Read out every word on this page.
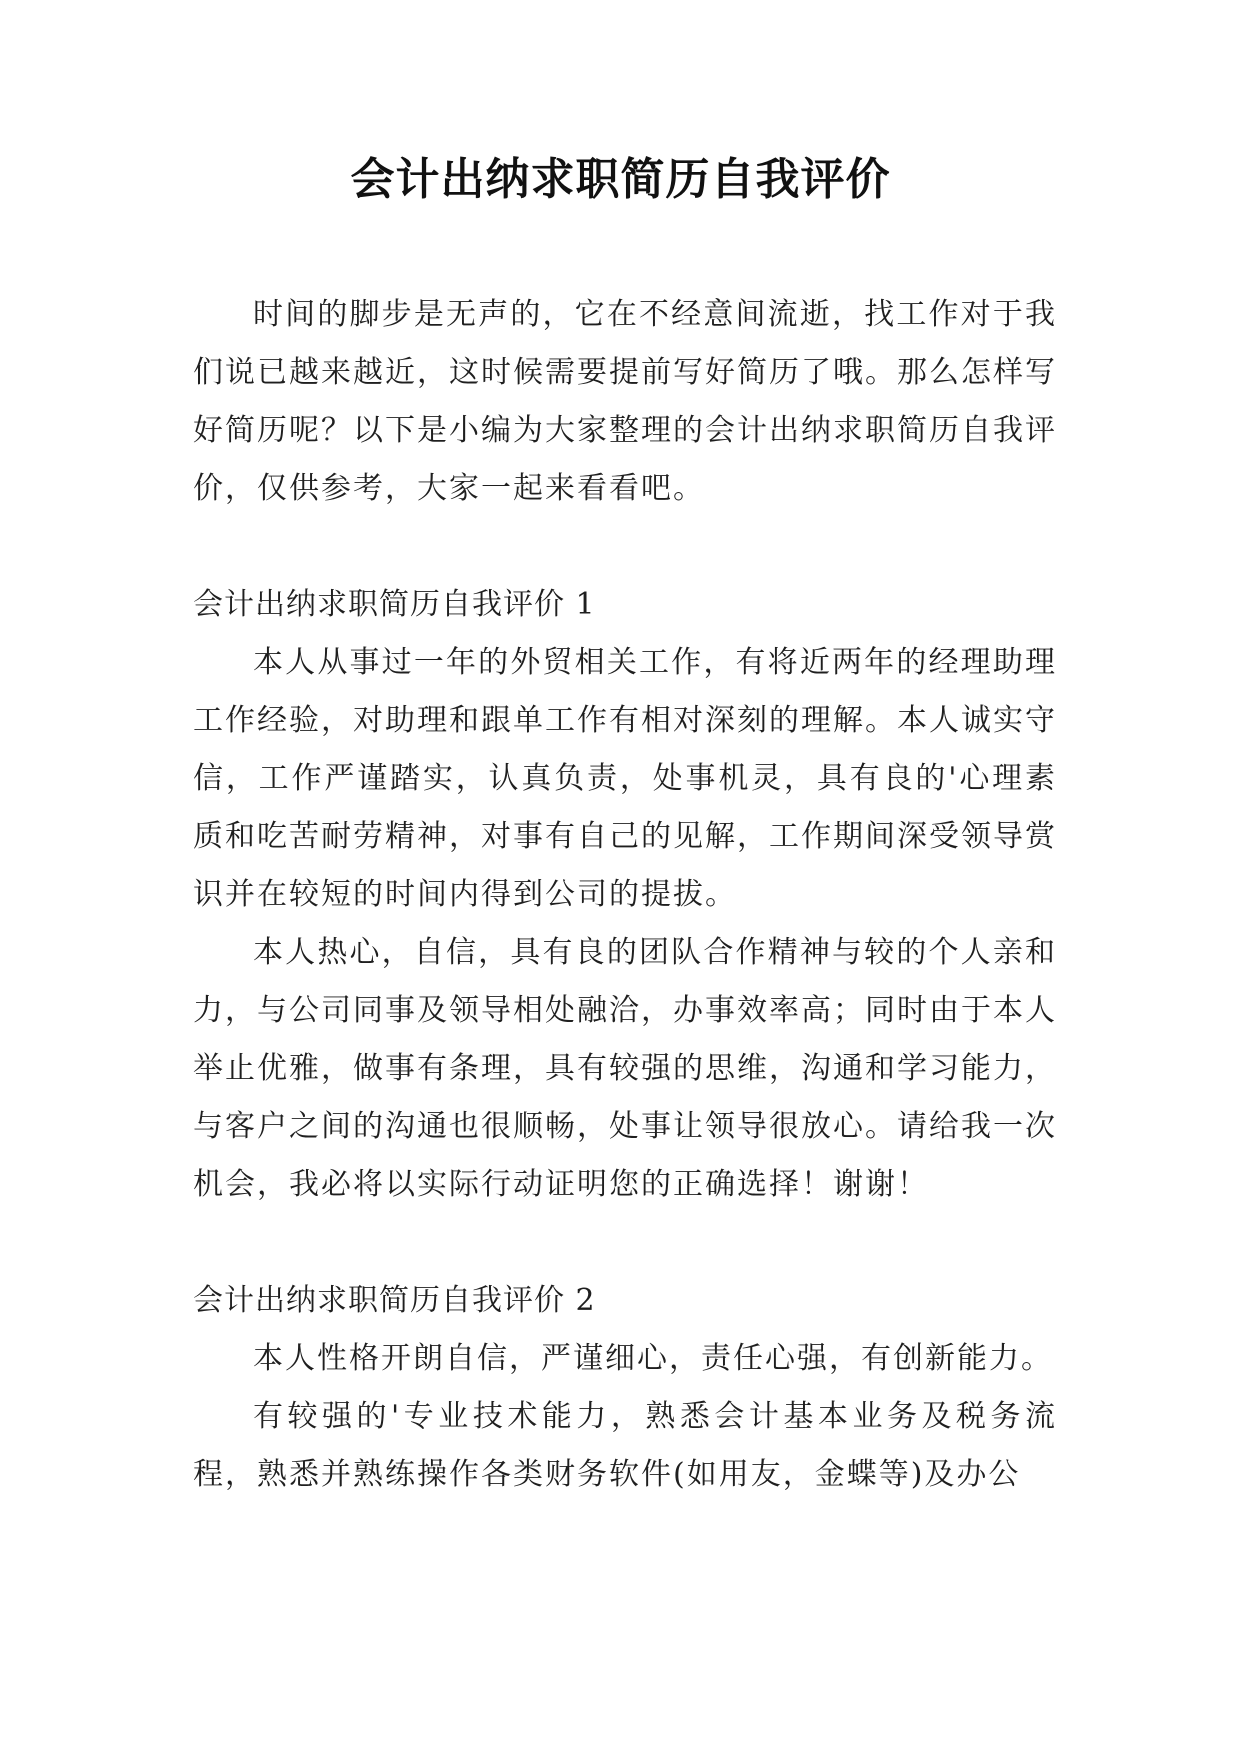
会计出纳求职简历自我评价

时间的脚步是无声的，它在不经意间流逝，找工作对于我们说已越来越近，这时候需要提前写好简历了哦。那么怎样写好简历呢？以下是小编为大家整理的会计出纳求职简历自我评价，仅供参考，大家一起来看看吧。

会计出纳求职简历自我评价 1

本人从事过一年的外贸相关工作，有将近两年的经理助理工作经验，对助理和跟单工作有相对深刻的理解。本人诚实守信，工作严谨踏实，认真负责，处事机灵，具有良的'心理素质和吃苦耐劳精神，对事有自己的见解，工作期间深受领导赏识并在较短的时间内得到公司的提拔。

本人热心，自信，具有良的团队合作精神与较的个人亲和力，与公司同事及领导相处融洽，办事效率高；同时由于本人举止优雅，做事有条理，具有较强的思维，沟通和学习能力，与客户之间的沟通也很顺畅，处事让领导很放心。请给我一次机会，我必将以实际行动证明您的正确选择！谢谢！

会计出纳求职简历自我评价 2

本人性格开朗自信，严谨细心，责任心强，有创新能力。

有较强的'专业技术能力，熟悉会计基本业务及税务流程，熟悉并熟练操作各类财务软件(如用友，金蝶等)及办公
